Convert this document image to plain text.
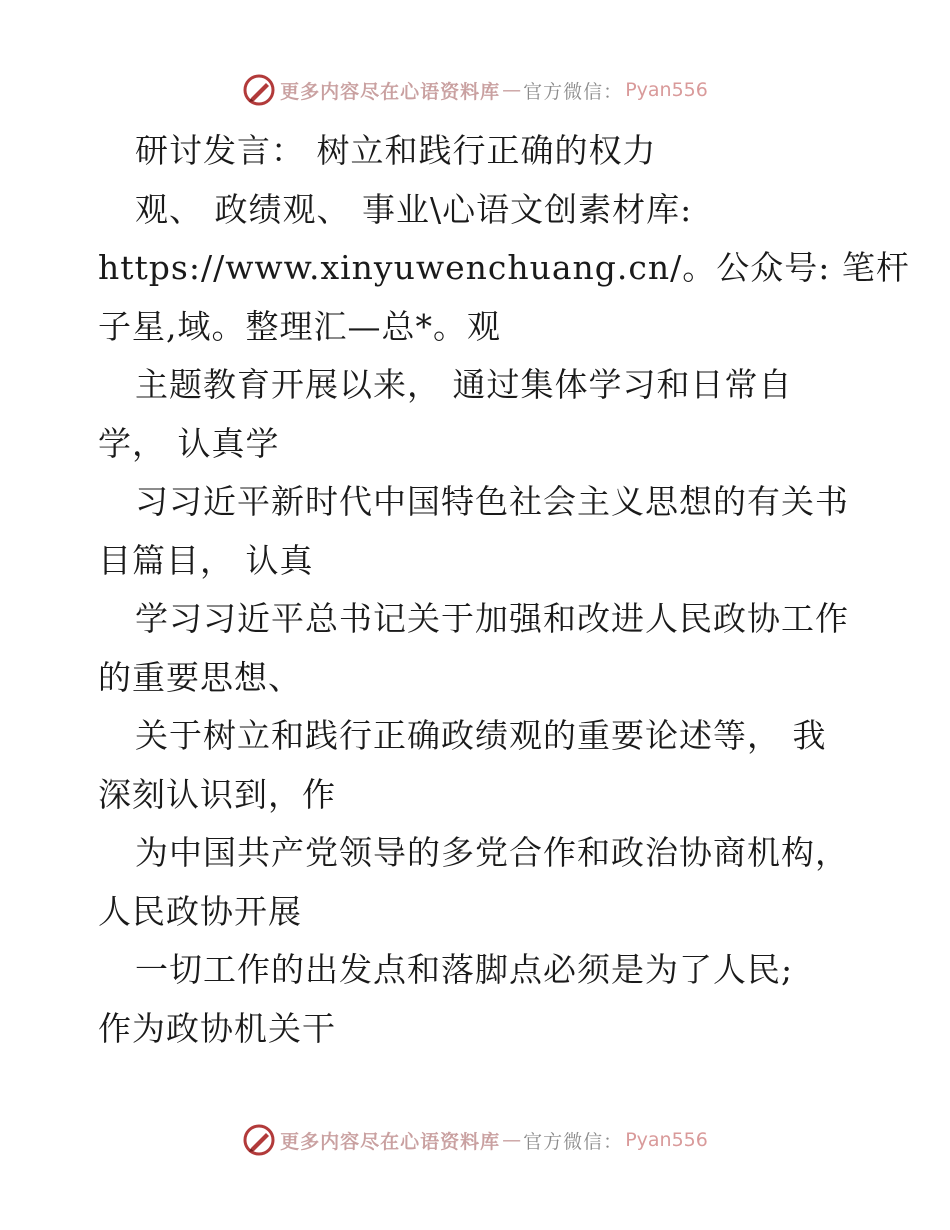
更多内容尽在心语资料库 — 官方微信： Pyan556
研讨发言： 树立和践行正确的权力
观、 政绩观、 事业\心语文创素材库:
https://www.xinyuwenchuang.cn/。公众号: 笔杆
子星,域。整理汇—总*。观
主题教育开展以来， 通过集体学习和日常自
学， 认真学
习习近平新时代中国特色社会主义思想的有关书
目篇目， 认真
学习习近平总书记关于加强和改进人民政协工作
的重要思想、
关于树立和践行正确政绩观的重要论述等， 我
深刻认识到，作
为中国共产党领导的多党合作和政治协商机构，
人民政协开展
一切工作的出发点和落脚点必须是为了人民;
作为政协机关干
更多内容尽在心语资料库 — 官方微信： Pyan556
